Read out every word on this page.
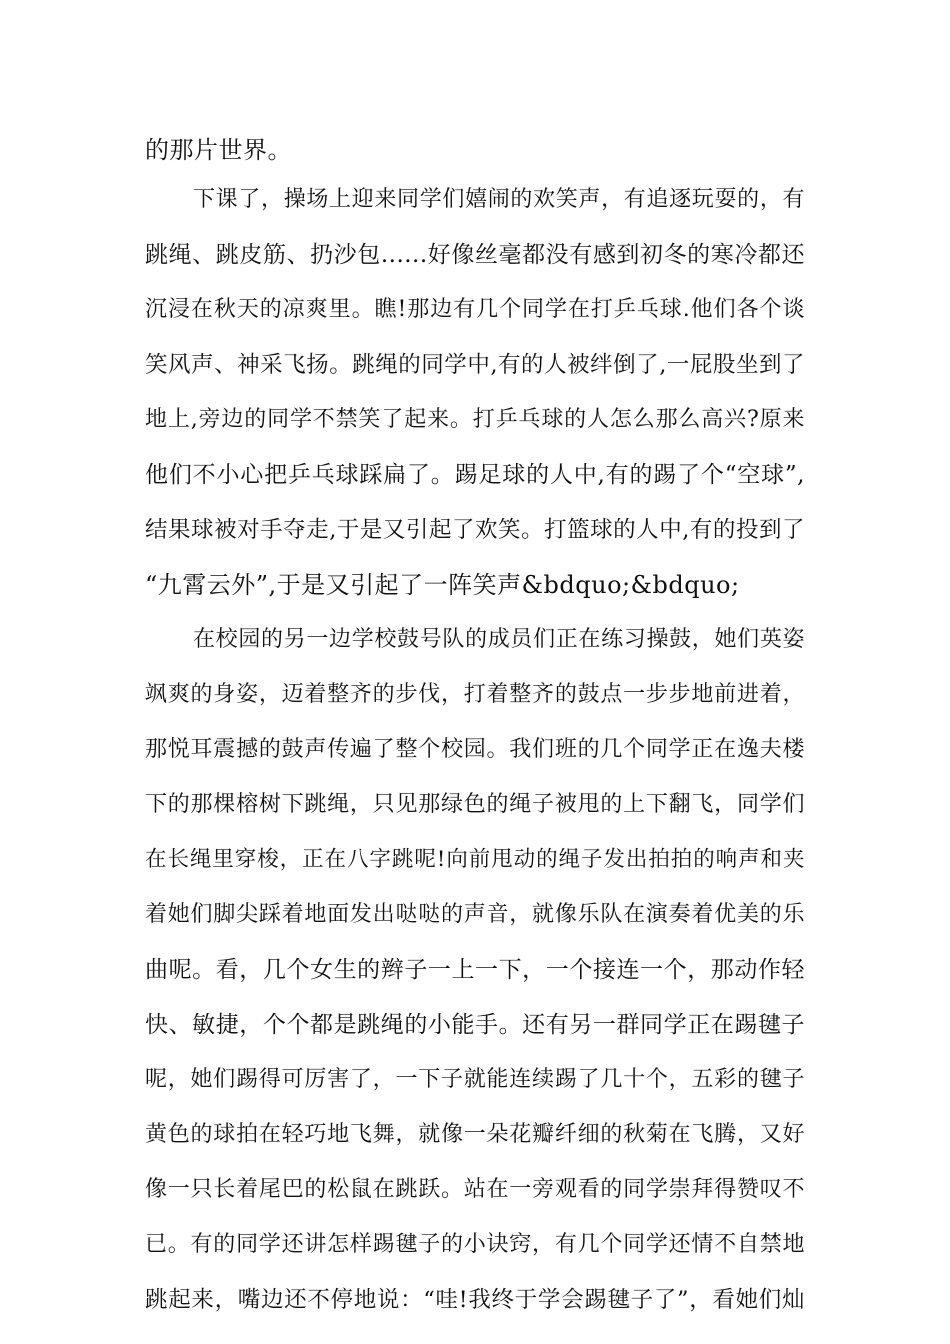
的那片世界。
下课了，操场上迎来同学们嬉闹的欢笑声，有追逐玩耍的，有
跳绳、跳皮筋、扔沙包......好像丝毫都没有感到初冬的寒冷都还
沉浸在秋天的凉爽里。瞧!那边有几个同学在打乒乓球.他们各个谈
笑风声、神采飞扬。跳绳的同学中,有的人被绊倒了,一屁股坐到了
地上,旁边的同学不禁笑了起来。打乒乓球的人怎么那么高兴?原来
他们不小心把乒乓球踩扁了。踢足球的人中,有的踢了个“空球”,
结果球被对手夺走,于是又引起了欢笑。打篮球的人中,有的投到了
“九霄云外”,于是又引起了一阵笑声&bdquo;&bdquo;
在校园的另一边学校鼓号队的成员们正在练习操鼓，她们英姿
飒爽的身姿，迈着整齐的步伐，打着整齐的鼓点一步步地前进着，
那悦耳震撼的鼓声传遍了整个校园。我们班的几个同学正在逸夫楼
下的那棵榕树下跳绳，只见那绿色的绳子被甩的上下翻飞，同学们
在长绳里穿梭，正在八字跳呢!向前甩动的绳子发出拍拍的响声和夹
着她们脚尖踩着地面发出哒哒的声音，就像乐队在演奏着优美的乐
曲呢。看，几个女生的辫子一上一下，一个接连一个，那动作轻
快、敏捷，个个都是跳绳的小能手。还有另一群同学正在踢毽子
呢，她们踢得可厉害了，一下子就能连续踢了几十个，五彩的毽子
黄色的球拍在轻巧地飞舞，就像一朵花瓣纤细的秋菊在飞腾，又好
像一只长着尾巴的松鼠在跳跃。站在一旁观看的同学崇拜得赞叹不
已。有的同学还讲怎样踢毽子的小诀窍，有几个同学还情不自禁地
跳起来，嘴边还不停地说：“哇!我终于学会踢毽子了”，看她们灿
